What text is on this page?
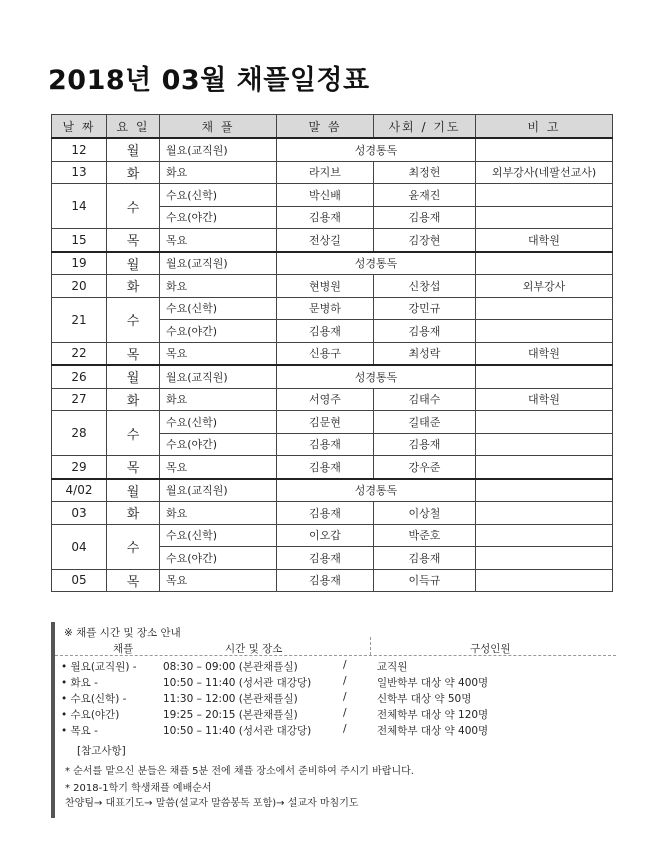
2018년 03월 채플일정표
날 짜	요 일	채 플	말 씀	사회 / 기도	비 고
12	월	월요(교직원)	성경통독		
13	화	화요	라지브	최정헌	외부강사(네팔선교사)
14	수	수요(신학)	박신배	윤재진	
		수요(야간)	김용재	김용재	
15	목	목요	전상길	김장현	대학원
19	월	월요(교직원)	성경통독		
20	화	화요	현병원	신창섭	외부강사
21	수	수요(신학)	문병하	강민규	
		수요(야간)	김용재	김용재	
22	목	목요	신용구	최성락	대학원
26	월	월요(교직원)	성경통독		
27	화	화요	서영주	김태수	대학원
28	수	수요(신학)	김문현	길태준	
		수요(야간)	김용재	김용재	
29	목	목요	김용재	강우준	
4/02	월	월요(교직원)	성경통독		
03	화	화요	김용재	이상철	
04	수	수요(신학)	이오갑	박준호	
		수요(야간)	김용재	김용재	
05	목	목요	김용재	이득규	
※ 채플 시간 및 장소 안내
채플	시간 및 장소	구성인원
• 월요(교직원) -	08:30 – 09:00 (본관채플실)	/	교직원
• 화요 -	10:50 – 11:40 (성서관 대강당)	/	일반학부 대상 약 400명
• 수요(신학) -	11:30 – 12:00 (본관채플실)	/	신학부 대상 약 50명
• 수요(야간)	19:25 – 20:15 (본관채플실)	/	전체학부 대상 약 120명
• 목요 -	10:50 – 11:40 (성서관 대강당)	/	전체학부 대상 약 400명
[참고사항]
* 순서를 맡으신 분들은 채플 5분 전에 채플 장소에서 준비하여 주시기 바랍니다.
* 2018-1학기 학생채플 예배순서
찬양팀→ 대표기도→ 말씀(설교자 말씀봉독 포함)→ 설교자 마침기도
